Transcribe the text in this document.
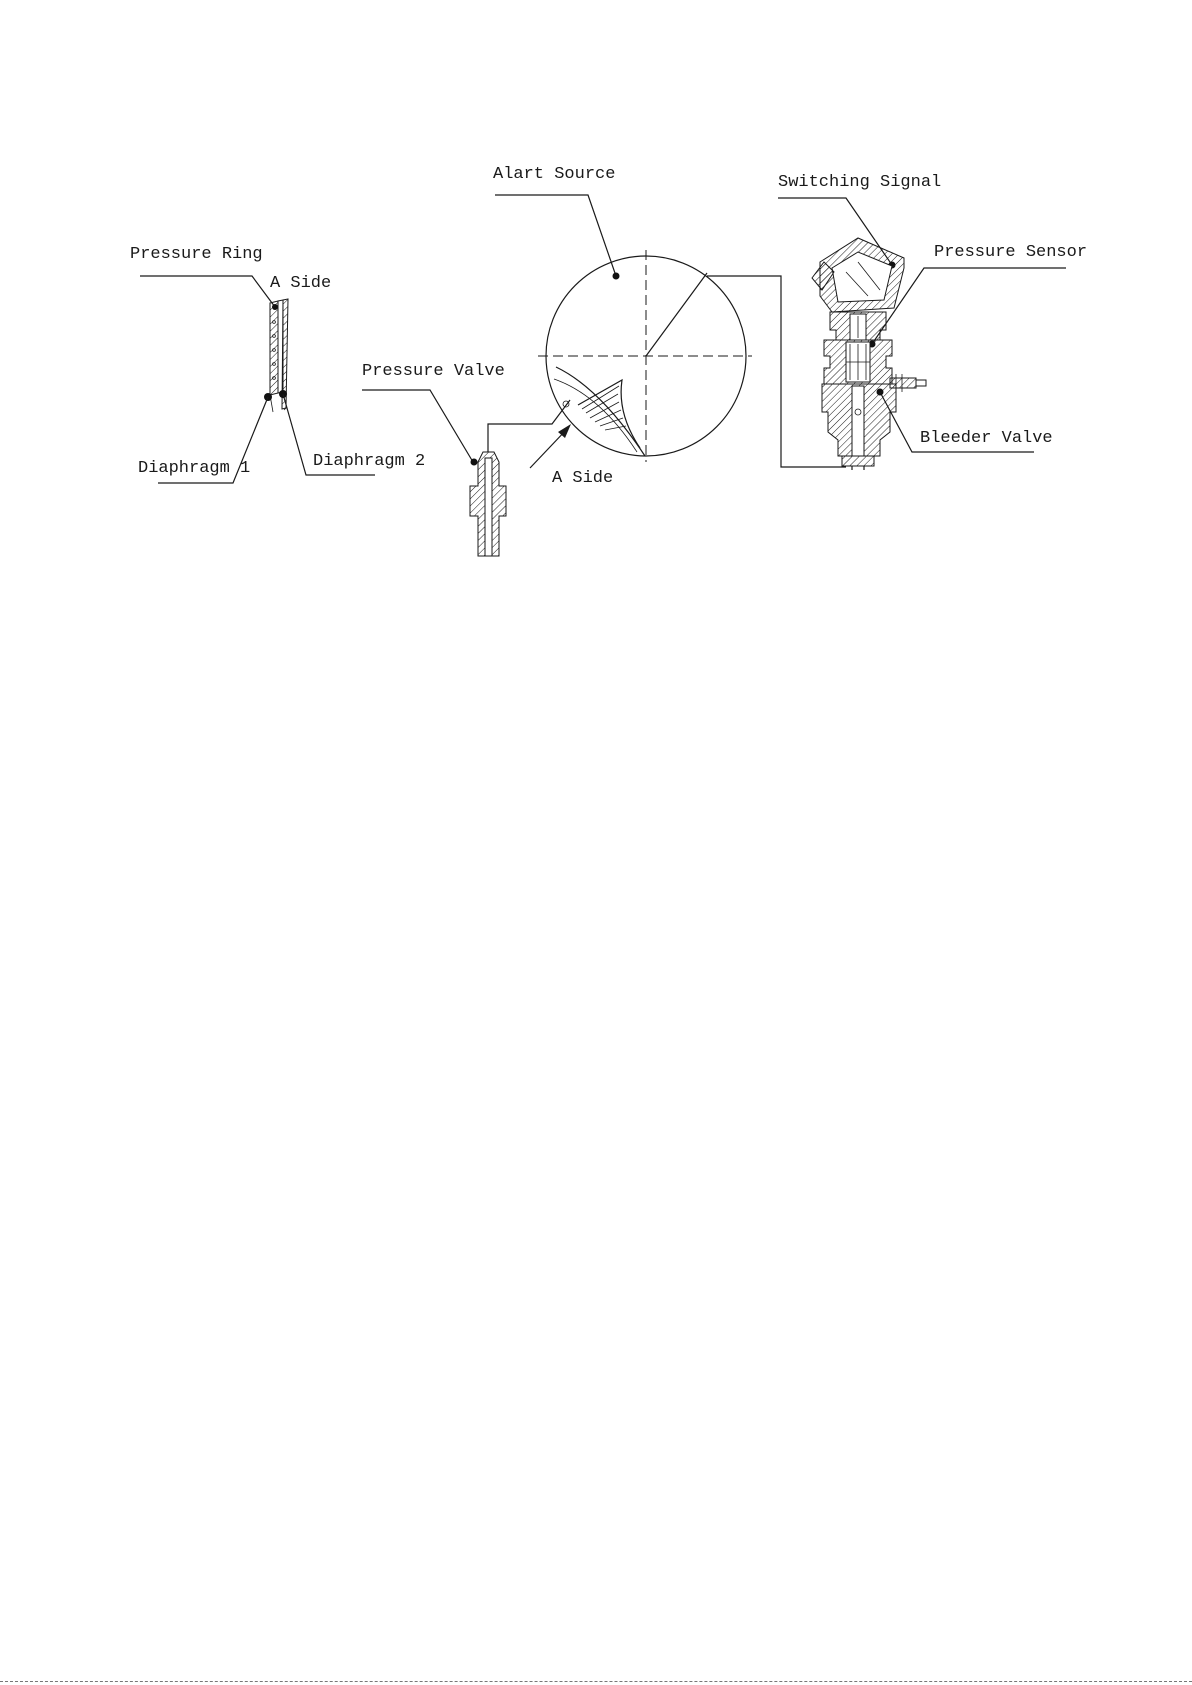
Pressure Ring
A Side
Diaphragm 1	Diaphragm 2
Pressure Valve
A Side
Alart Source	Switching Signal
Pressure Sensor
Bleeder Valve
